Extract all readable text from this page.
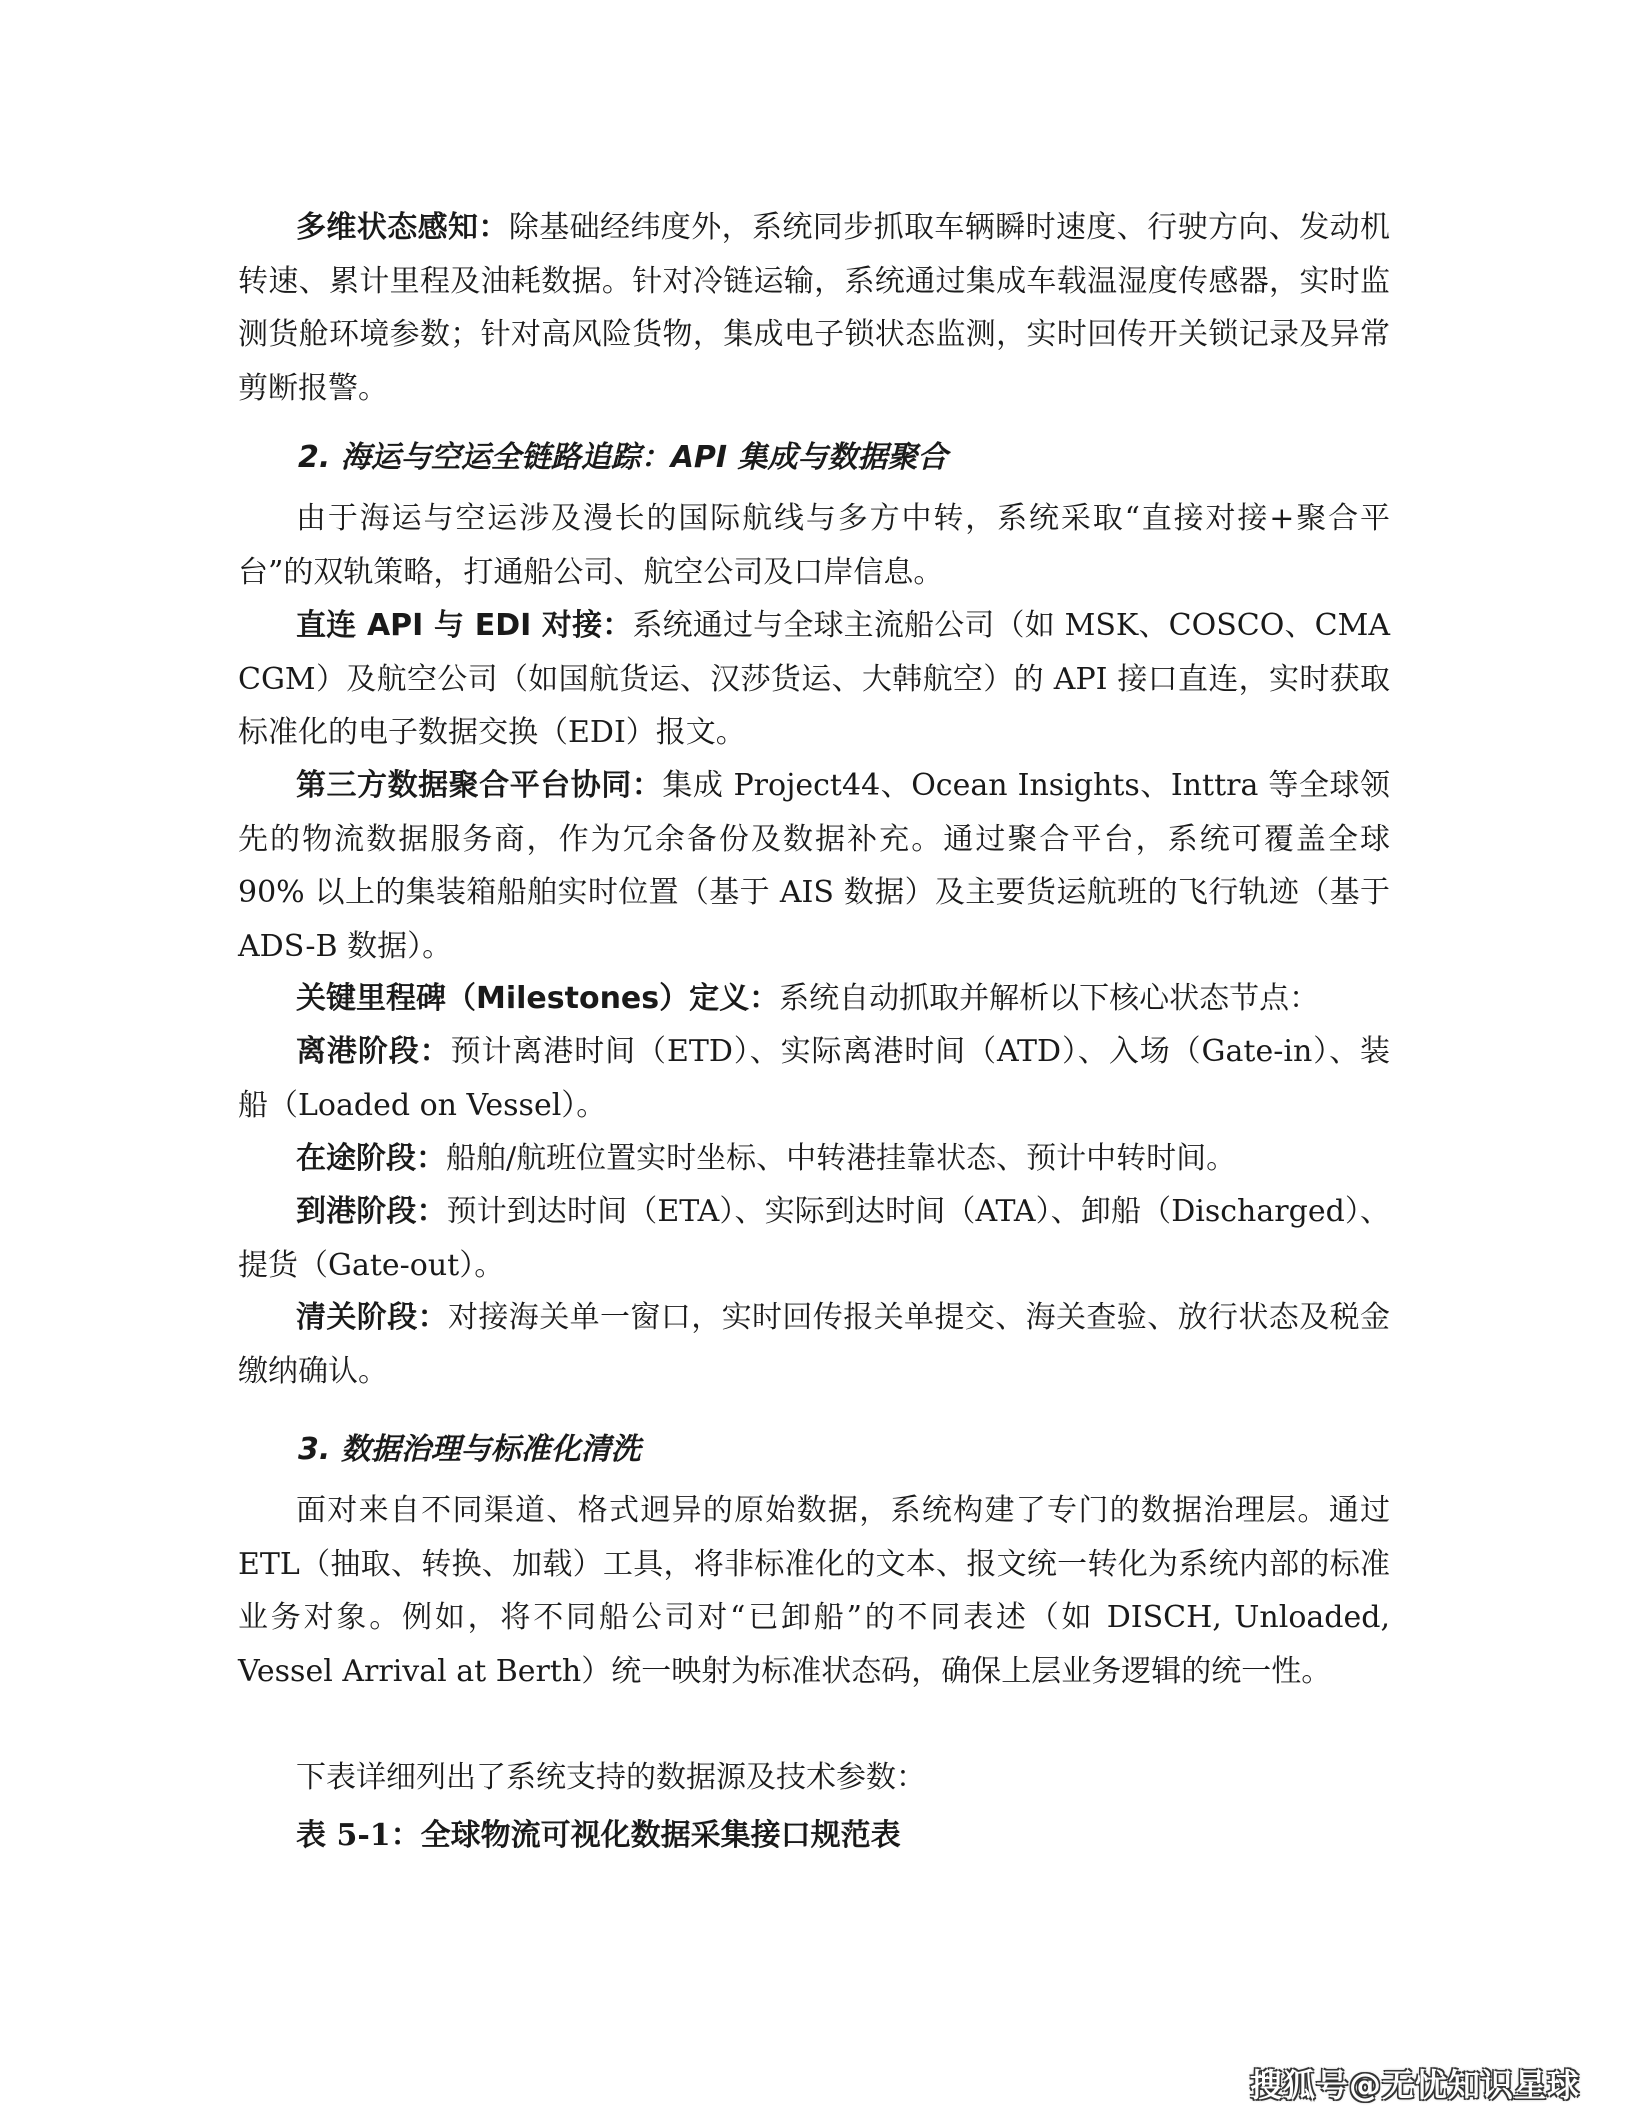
多维状态感知：除基础经纬度外，系统同步抓取车辆瞬时速度、行驶方向、发动机转速、累计里程及油耗数据。针对冷链运输，系统通过集成车载温湿度传感器，实时监测货舱环境参数；针对高风险货物，集成电子锁状态监测，实时回传开关锁记录及异常剪断报警。

2. 海运与空运全链路追踪：API 集成与数据聚合

由于海运与空运涉及漫长的国际航线与多方中转，系统采取“直接对接+聚合平台”的双轨策略，打通船公司、航空公司及口岸信息。

直连 API 与 EDI 对接：系统通过与全球主流船公司（如 MSK、COSCO、CMA CGM）及航空公司（如国航货运、汉莎货运、大韩航空）的 API 接口直连，实时获取标准化的电子数据交换（EDI）报文。

第三方数据聚合平台协同：集成 Project44、Ocean Insights、Inttra 等全球领先的物流数据服务商，作为冗余备份及数据补充。通过聚合平台，系统可覆盖全球 90% 以上的集装箱船舶实时位置（基于 AIS 数据）及主要货运航班的飞行轨迹（基于 ADS-B 数据）。

关键里程碑（Milestones）定义：系统自动抓取并解析以下核心状态节点：

离港阶段：预计离港时间（ETD）、实际离港时间（ATD）、入场（Gate-in）、装船（Loaded on Vessel）。

在途阶段：船舶/航班位置实时坐标、中转港挂靠状态、预计中转时间。

到港阶段：预计到达时间（ETA）、实际到达时间（ATA）、卸船（Discharged）、提货（Gate-out）。

清关阶段：对接海关单一窗口，实时回传报关单提交、海关查验、放行状态及税金缴纳确认。

3. 数据治理与标准化清洗

面对来自不同渠道、格式迥异的原始数据，系统构建了专门的数据治理层。通过 ETL（抽取、转换、加载）工具，将非标准化的文本、报文统一转化为系统内部的标准业务对象。例如，将不同船公司对“已卸船”的不同表述（如 DISCH, Unloaded, Vessel Arrival at Berth）统一映射为标准状态码，确保上层业务逻辑的统一性。

下表详细列出了系统支持的数据源及技术参数：

表 5-1：全球物流可视化数据采集接口规范表

搜狐号@无忧知识星球
